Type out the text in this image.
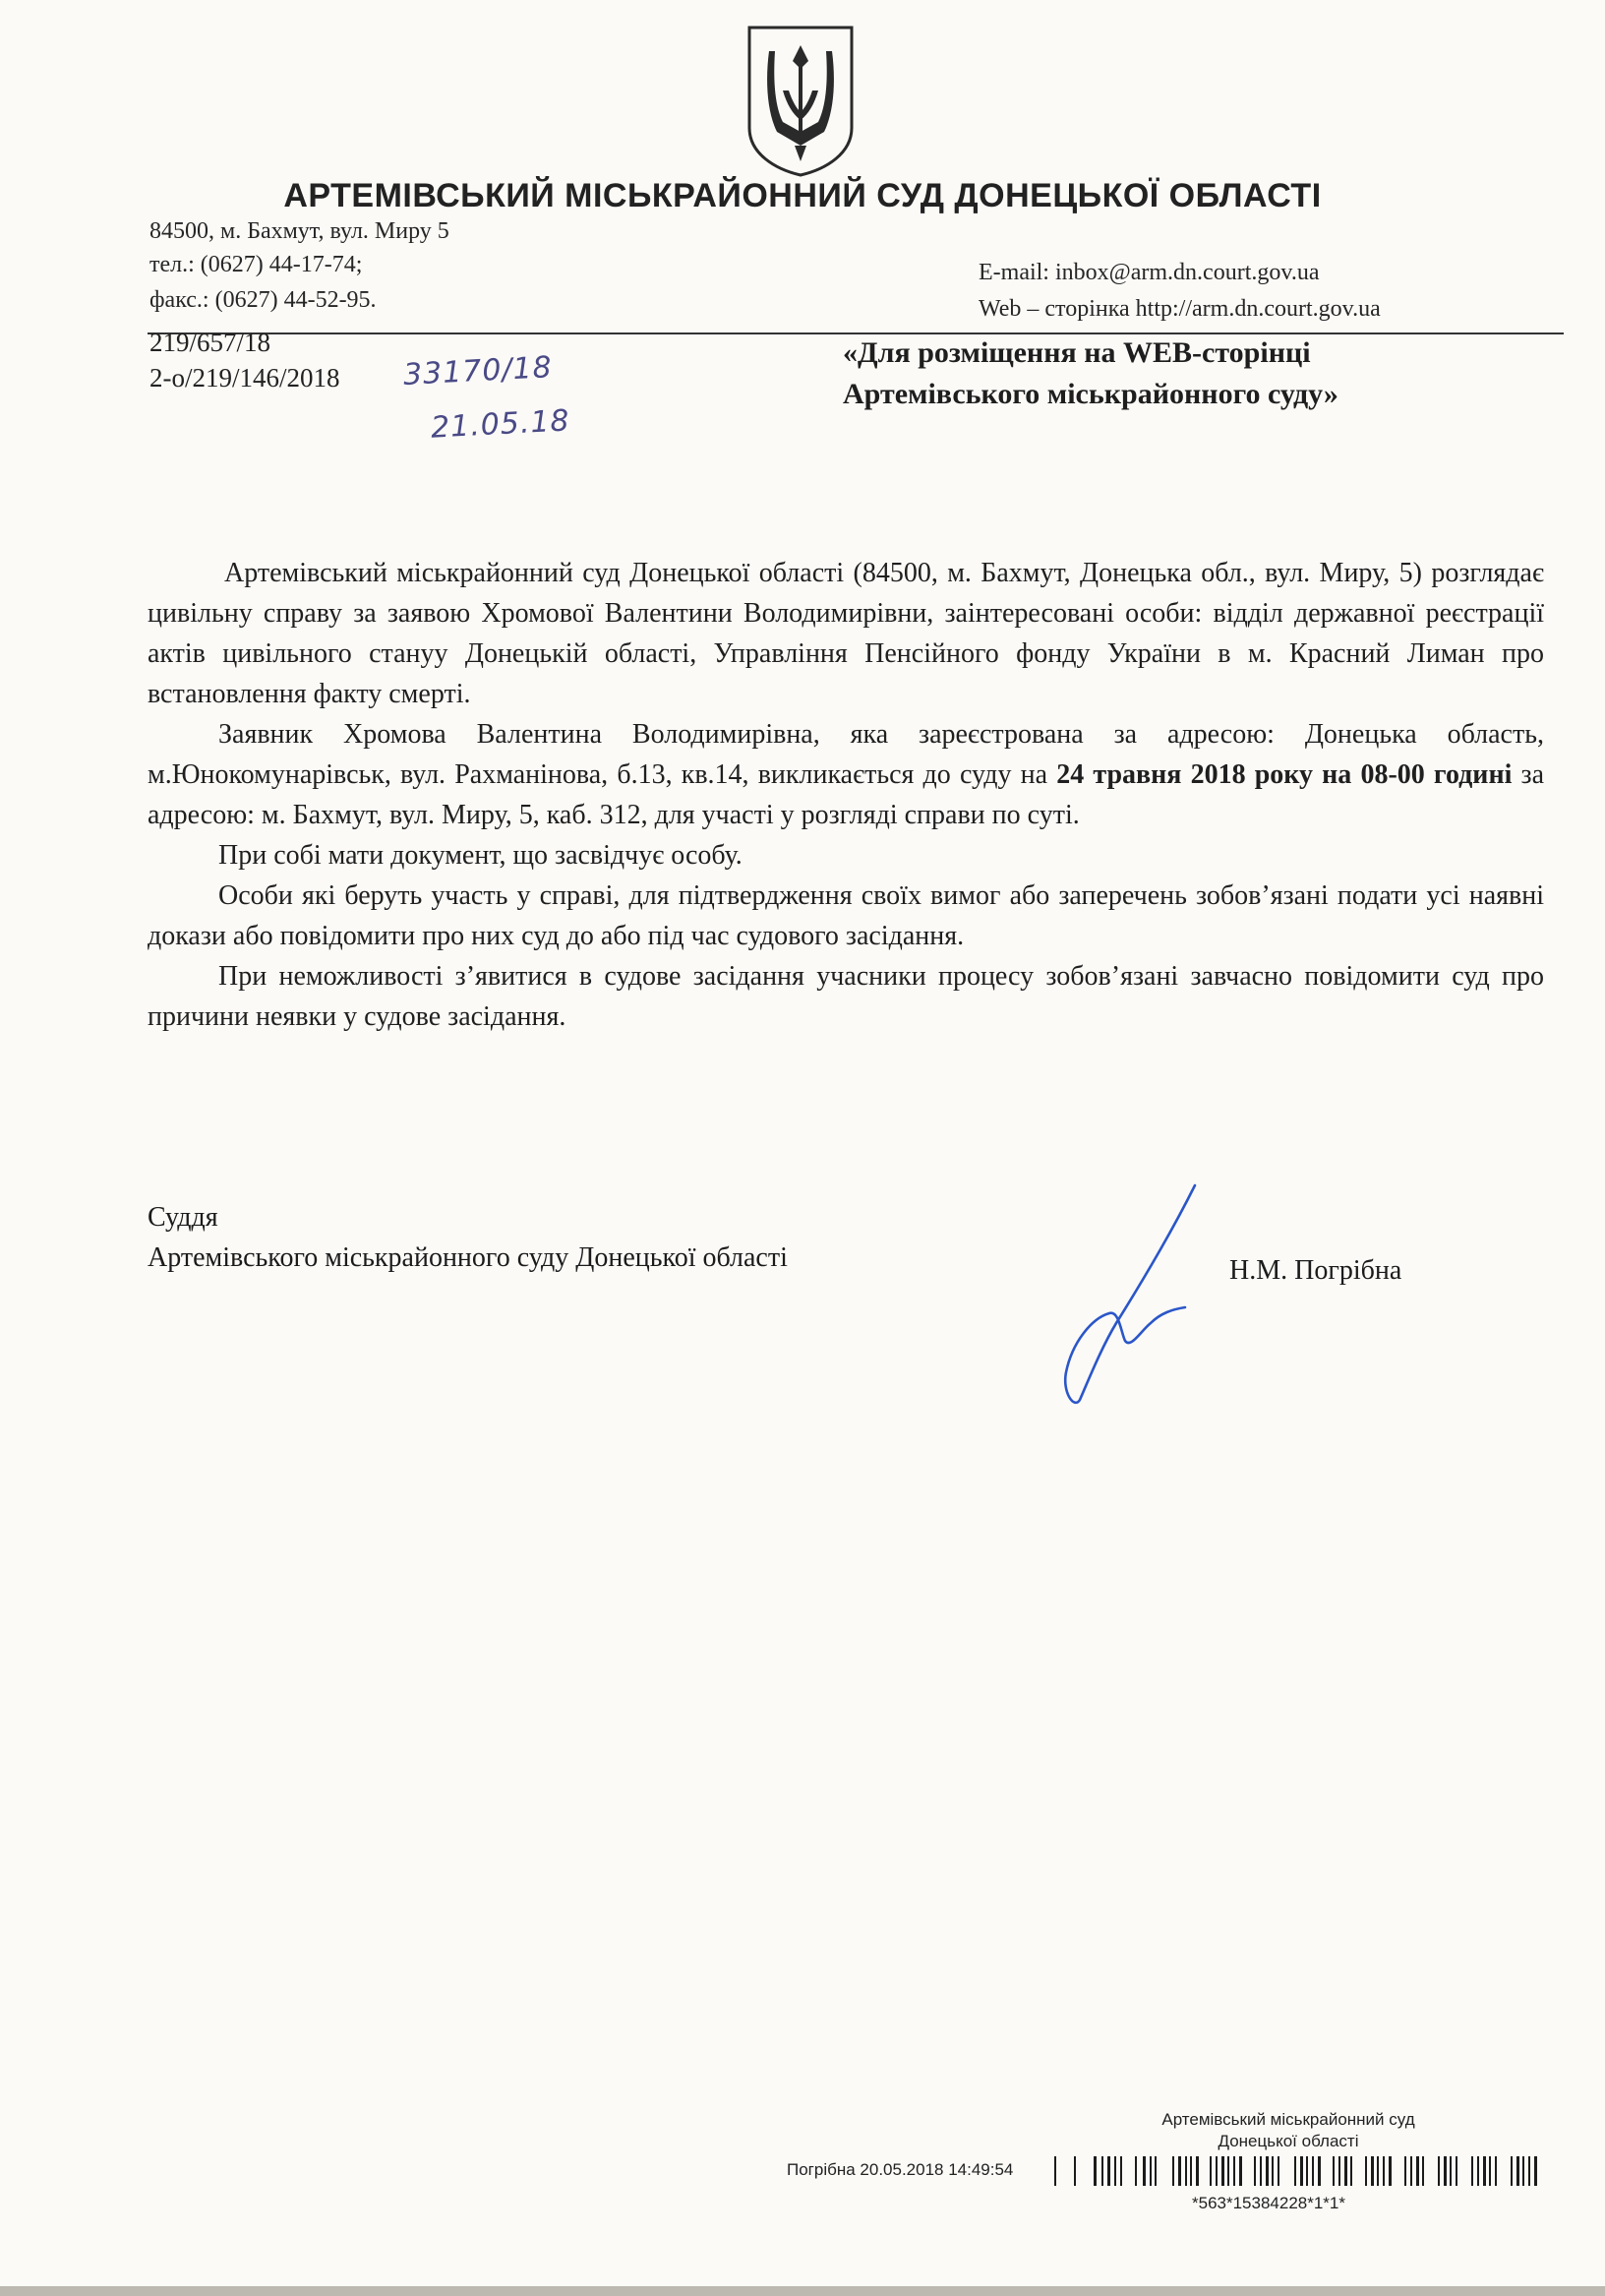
АРТЕМІВСЬКИЙ МІСЬКРАЙОННИЙ СУД ДОНЕЦЬКОЇ ОБЛАСТІ
84500, м. Бахмут, вул. Миру 5
тел.: (0627) 44-17-74;
факс.: (0627) 44-52-95.
E-mail: inbox@arm.dn.court.gov.ua
Web – сторінка http://arm.dn.court.gov.ua
219/657/18
2-о/219/146/2018 33170/18
21.05.18
«Для розміщення на WEB-сторінці
Артемівського міськрайонного суду»

Артемівський міськрайонний суд Донецької області (84500, м. Бахмут, Донецька обл., вул. Миру, 5) розглядає цивільну справу за заявою Хромової Валентини Володимирівни, заінтересовані особи: відділ державної реєстрації актів цивільного стануу Донецькій області, Управління Пенсійного фонду України в м. Красний Лиман про встановлення факту смерті.

Заявник Хромова Валентина Володимирівна, яка зареєстрована за адресою: Донецька область, м.Юнокомунарівськ, вул. Рахманінова, б.13, кв.14, викликається до суду на 24 травня 2018 року на 08-00 годині за адресою: м. Бахмут, вул. Миру, 5, каб. 312, для участі у розгляді справи по суті.

При собі мати документ, що засвідчує особу.

Особи які беруть участь у справі, для підтвердження своїх вимог або заперечень зобов’язані подати усі наявні докази або повідомити про них суд до або під час судового засідання.

При неможливості з’явитися в судове засідання учасники процесу зобов’язані завчасно повідомити суд про причини неявки у судове засідання.

Суддя
Артемівського міськрайонного суду Донецької області	Н.М. Погрібна
Артемівський міськрайонний суд
Донецької області
Погрібна 20.05.2018 14:49:54
*563*15384228*1*1*
